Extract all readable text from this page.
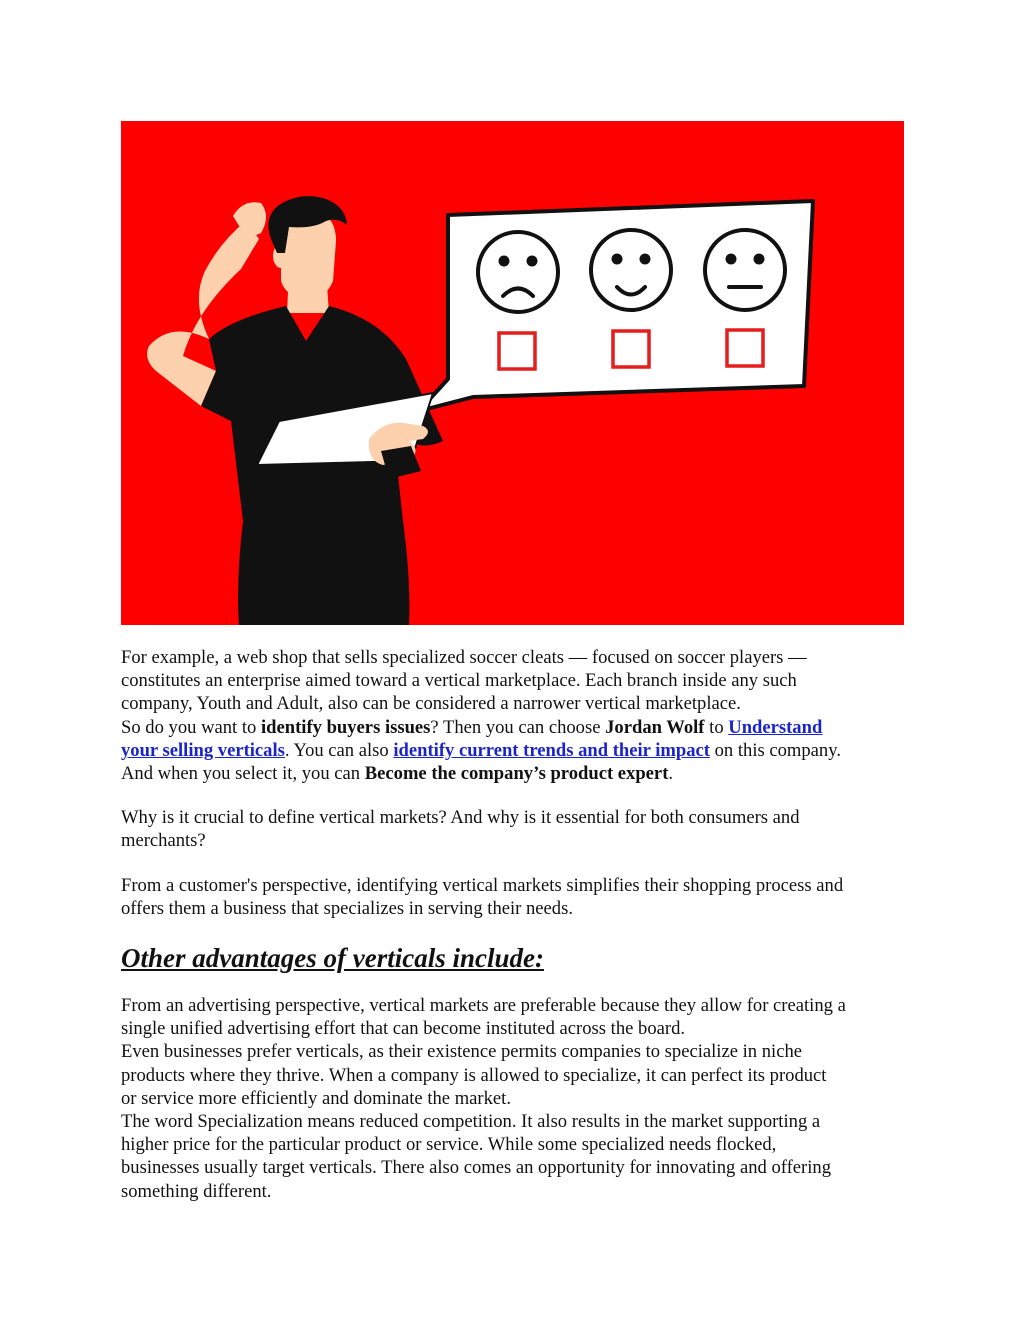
For example, a web shop that sells specialized soccer cleats — focused on soccer players —
constitutes an enterprise aimed toward a vertical marketplace. Each branch inside any such
company, Youth and Adult, also can be considered a narrower vertical marketplace.
So do you want to identify buyers issues? Then you can choose Jordan Wolf to Understand
your selling verticals. You can also identify current trends and their impact on this company.
And when you select it, you can Become the company’s product expert.

Why is it crucial to define vertical markets? And why is it essential for both consumers and
merchants?

From a customer's perspective, identifying vertical markets simplifies their shopping process and
offers them a business that specializes in serving their needs.

Other advantages of verticals include:

From an advertising perspective, vertical markets are preferable because they allow for creating a
single unified advertising effort that can become instituted across the board.
Even businesses prefer verticals, as their existence permits companies to specialize in niche
products where they thrive. When a company is allowed to specialize, it can perfect its product
or service more efficiently and dominate the market.
The word Specialization means reduced competition. It also results in the market supporting a
higher price for the particular product or service. While some specialized needs flocked,
businesses usually target verticals. There also comes an opportunity for innovating and offering
something different.
